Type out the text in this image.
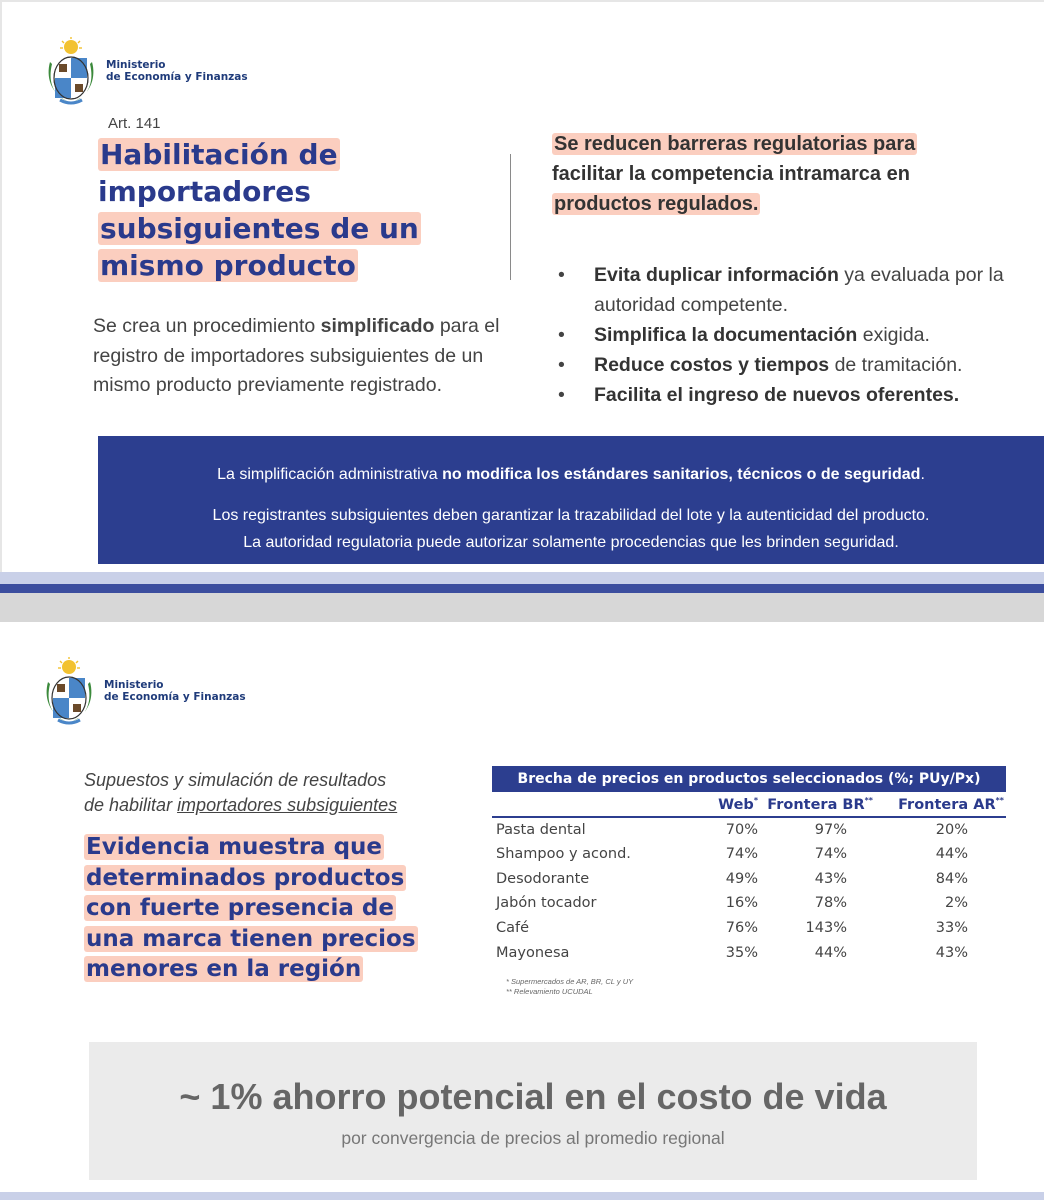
Ministerio
de Economía y Finanzas
Art. 141
Habilitación de
importadores
subsiguientes de un
mismo producto
Se crea un procedimiento simplificado para el registro de importadores subsiguientes de un mismo producto previamente registrado.
Se reducen barreras regulatorias para
facilitar la competencia intramarca en
productos regulados.
• Evita duplicar información ya evaluada por la autoridad competente.
• Simplifica la documentación exigida.
• Reduce costos y tiempos de tramitación.
• Facilita el ingreso de nuevos oferentes.
La simplificación administrativa no modifica los estándares sanitarios, técnicos o de seguridad.
Los registrantes subsiguientes deben garantizar la trazabilidad del lote y la autenticidad del producto.
La autoridad regulatoria puede autorizar solamente procedencias que les brinden seguridad.
Ministerio
de Economía y Finanzas
Supuestos y simulación de resultados
de habilitar importadores subsiguientes
Evidencia muestra que
determinados productos
con fuerte presencia de
una marca tienen precios
menores en la región
Brecha de precios en productos seleccionados (%; PUy/Px)			
	Web*	Frontera BR**	Frontera AR**
Pasta dental	70%	97%	20%
Shampoo y acond.	74%	74%	44%
Desodorante	49%	43%	84%
Jabón tocador	16%	78%	2%
Café	76%	143%	33%
Mayonesa	35%	44%	43%
* Supermercados de AR, BR, CL y UY
** Relevamiento UCUDAL
~ 1% ahorro potencial en el costo de vida
por convergencia de precios al promedio regional
